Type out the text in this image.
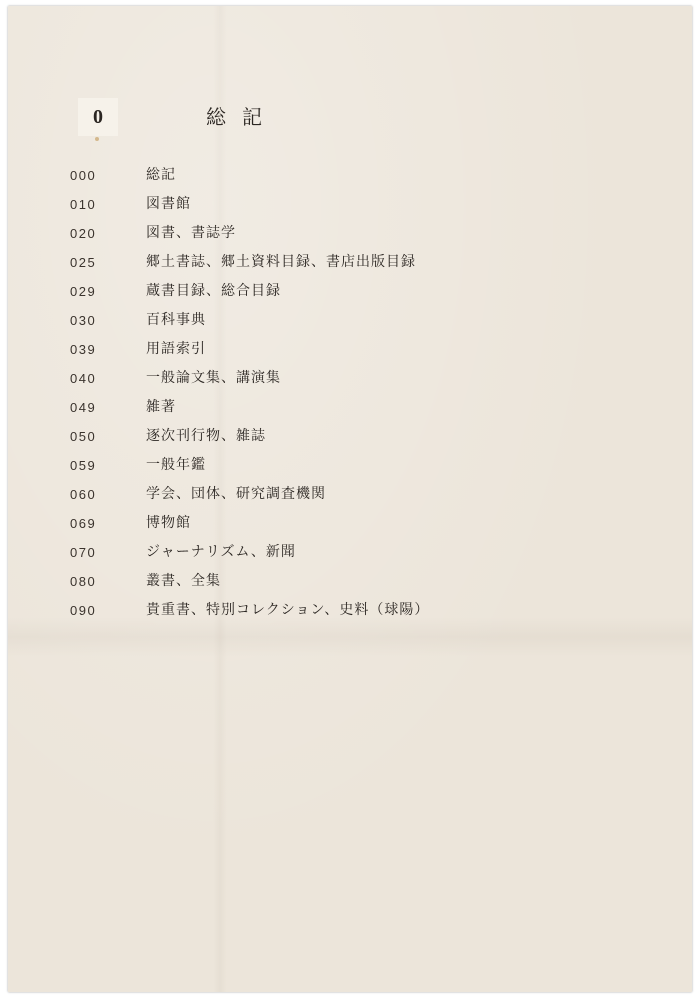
0	総記
000	総記
010	図書館
020	図書、書誌学
025	郷土書誌、郷土資料目録、書店出版目録
029	蔵書目録、総合目録
030	百科事典
039	用語索引
040	一般論文集、講演集
049	雑著
050	逐次刊行物、雑誌
059	一般年鑑
060	学会、団体、研究調査機関
069	博物館
070	ジャーナリズム、新聞
080	叢書、全集
090	貴重書、特別コレクション、史料（球陽）
